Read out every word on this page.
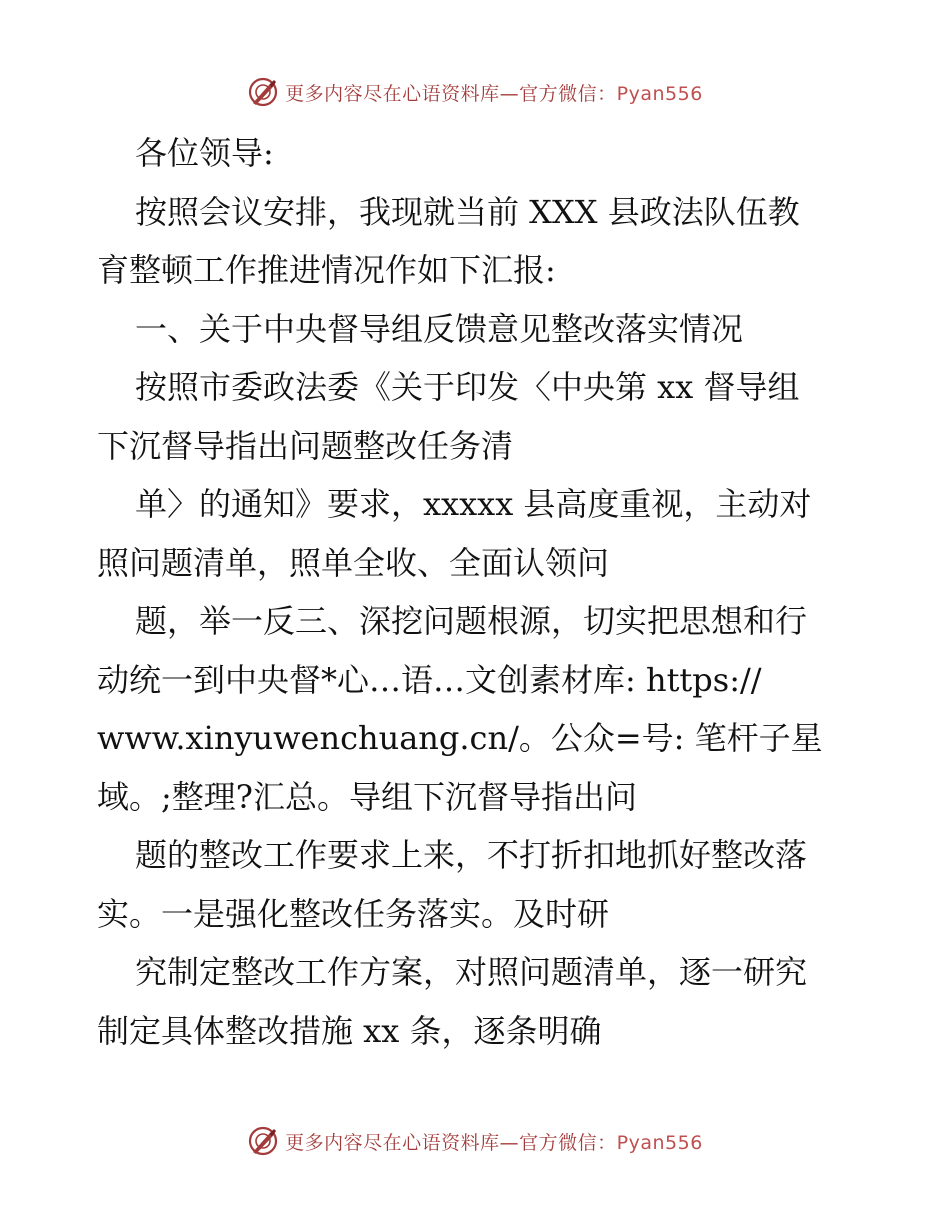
更多内容尽在心语资料库—官方微信：Pyan556
各位领导:
按照会议安排，我现就当前 XXX 县政法队伍教
育整顿工作推进情况作如下汇报:
一、关于中央督导组反馈意见整改落实情况
按照市委政法委《关于印发〈中央第 xx 督导组
下沉督导指出问题整改任务清
单〉的通知》要求，xxxxx 县高度重视，主动对
照问题清单，照单全收、全面认领问
题，举一反三、深挖问题根源，切实把思想和行
动统一到中央督*心…语…文创素材库: https://
www.xinyuwenchuang.cn/。公众=号: 笔杆子星
域。;整理?汇总。导组下沉督导指出问
题的整改工作要求上来，不打折扣地抓好整改落
实。一是强化整改任务落实。及时研
究制定整改工作方案，对照问题清单，逐一研究
制定具体整改措施 xx 条，逐条明确
更多内容尽在心语资料库—官方微信：Pyan556
